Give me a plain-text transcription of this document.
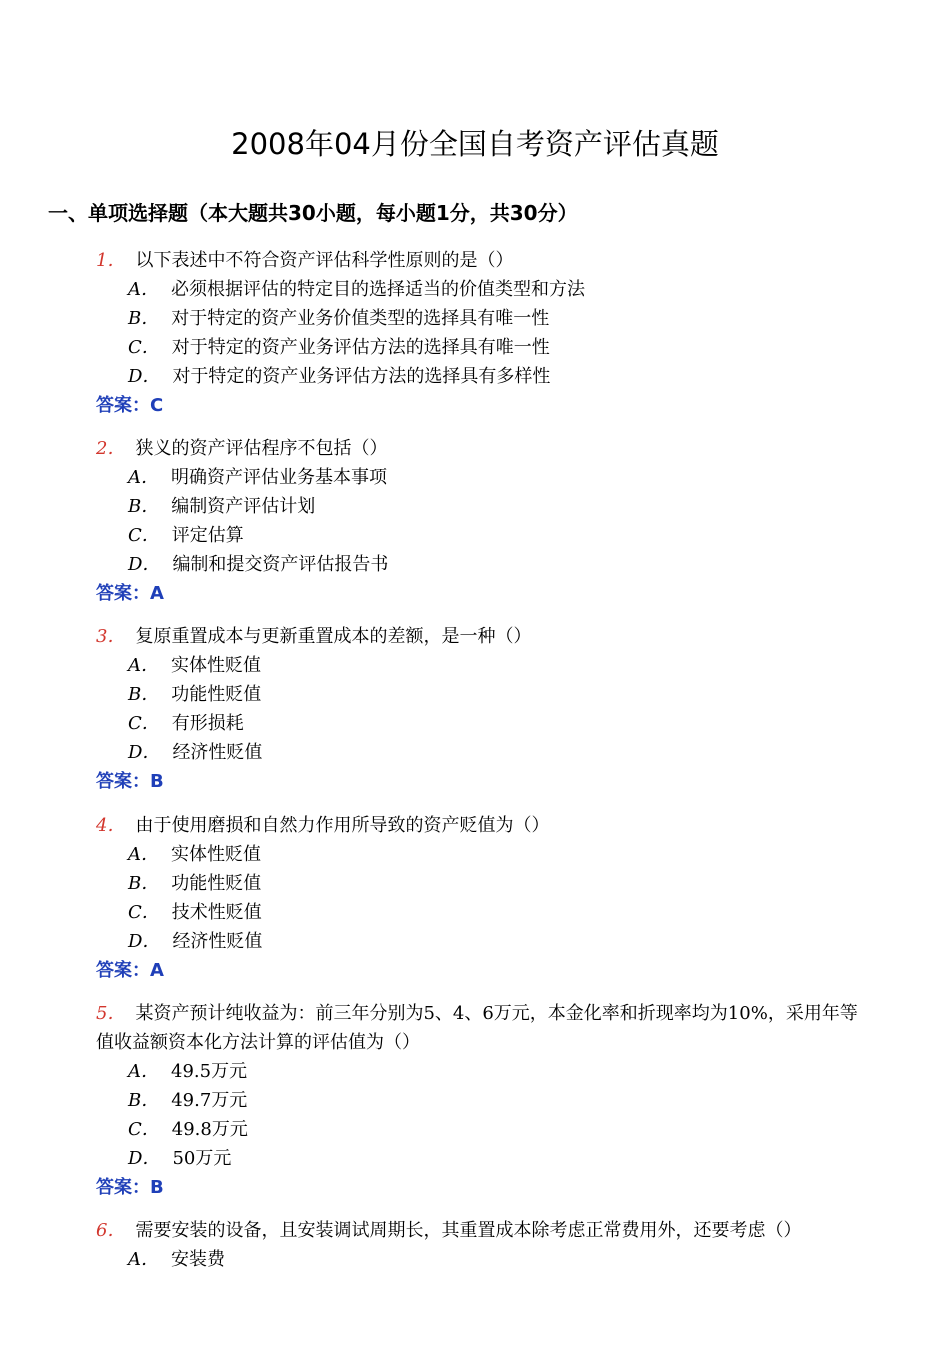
2008年04月份全国自考资产评估真题
一、单项选择题（本大题共30小题，每小题1分，共30分）
1． 以下表述中不符合资产评估科学性原则的是（）
A． 必须根据评估的特定目的选择适当的价值类型和方法
B． 对于特定的资产业务价值类型的选择具有唯一性
C． 对于特定的资产业务评估方法的选择具有唯一性
D． 对于特定的资产业务评估方法的选择具有多样性
答案：C
2． 狭义的资产评估程序不包括（）
A． 明确资产评估业务基本事项
B． 编制资产评估计划
C． 评定估算
D． 编制和提交资产评估报告书
答案：A
3． 复原重置成本与更新重置成本的差额，是一种（）
A． 实体性贬值
B． 功能性贬值
C． 有形损耗
D． 经济性贬值
答案：B
4． 由于使用磨损和自然力作用所导致的资产贬值为（）
A． 实体性贬值
B． 功能性贬值
C． 技术性贬值
D． 经济性贬值
答案：A
5． 某资产预计纯收益为：前三年分别为5、4、6万元，本金化率和折现率均为10%，采用年等
值收益额资本化方法计算的评估值为（）
A． 49.5万元
B． 49.7万元
C． 49.8万元
D． 50万元
答案：B
6． 需要安装的设备，且安装调试周期长，其重置成本除考虑正常费用外，还要考虑（）
A． 安装费
